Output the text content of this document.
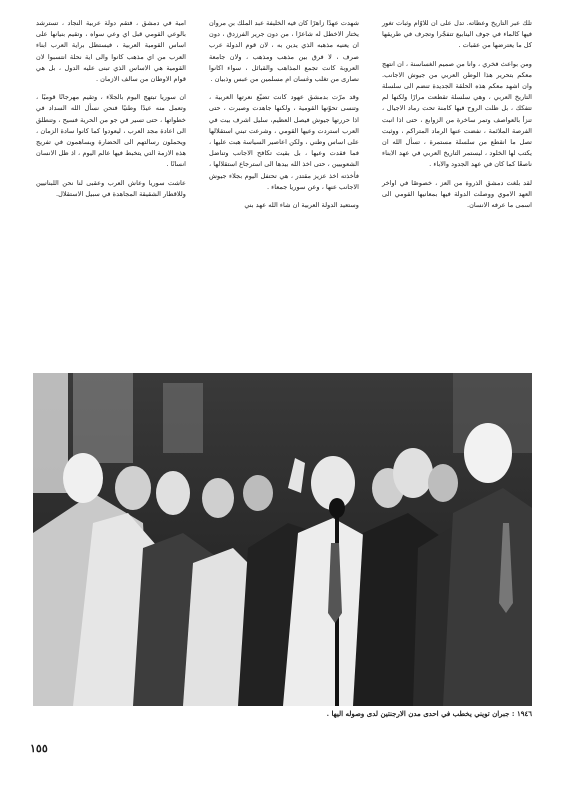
تلك عبر التاريخ وعظاته. تدل على ان للاوّام وثبات تغور فيها كالماء في جوف الينابيع تتفجّرا وتجرف في طريقها كل ما يعترضها من عقبات .

ومن بواعث فخري ، وانا من صميم الغساسنة ، ان انتهج معكم بتحرير هذا الوطن العربي من جيوش الاجانب. وان اشهد معكم هذه الحلقة الجديدة تنضم الى سلسلة التاريخ العربي ، وهي سلسلة تقطعت مرارًا ولكنها لم تتفكك ، بل ظلت الروح فيها كامنة تحت رماد الاجيال ، تنزأ بالعواصف وتمر ساخرة من الزوابع ، حتى اذا انبت الفرصة الملائمة ، نفضت عنها الرماد المتراكم ، ووثبت تصل ما انقطع من سلسلة مستمرة ، تسأل الله ان يكتب لها الخلود ، ليستمر التاريخ العربي في عهد الابناء ناصعًا كما كان في عهد الجدود والاباء .

لقد بلغت دمشق الذروة من العز ، خصوصًا في اواخر العهد الاموي ووصلت الدولة فيها بمعانيها القومي الى اسمى ما عرفه الانسان.

شهدت عهدًا زاهرًا كان فيه الخليفة عبد الملك بن مروان يختار الاخطل له شاعرًا ، من دون جرير الفرزدق ، دون ان يعنيه مذهبه الذي يدين به ، لان قوم الدولة عرب صرف ، لا فرق بين مذهب ومذهب ، ولان جامعة العروبة كانت تجمع المذاهب والقبائل ، سواء اكانوا نصارى من تغلب وغسان ام مسلمين من عبس وذبيان .

وقد مرّت بدمشق عهود كانت تضيّع نعرتها العربية ، وتنسى تحوّنها القومية ، ولكنها جاهدت وصبرت ، حتى اذا حررتها جيوش فيصل العظيم، سليل اشرف بيت في العرب استردت وعيها القومي ، وشرعت تبني استقلالها على اساس وطني ، ولكن اعاصير السياسة هبت عليها ، فما فقدت وعيها ، بل بقيت تكافح الاجانب وتناضل الشعوبيين ، حتى اخذ الله بيدها الى استرجاع استقلالها ، فأخذته اخذ عزيز مقتدر ، هي تحتفل اليوم بجلاء جيوش الاجانب عنها ، وعن سوريا جمعاء .

وستعيد الدولة العربية ان شاء الله عهد بني

امية في دمشق ، فتقم دولة عربية النجاد ، تسترشد بالوعي القومي قبل اي وعي سواه ، وتقيم بنيانها على اساس القومية العربية ، فيستظل براية العرب ابناء العرب من اي مذهب كانوا والى اية نحلة انتسبوا لان القومية هي الاساس الذي تبنى عليه الدول ، بل هي قوام الاوطان من سالف الازمان .

ان سوريا تبتهج اليوم بالجلاء ، وتقيم مهرجانًا قوميًا ، وتعمل منه عيدًا وطنيًا فنحن نسأل الله السداد في خطواتها ، حتى تسير في جو من الحرية فسيح ، وتنطلق الى اعادة مجد العرب ، ليعودوا كما كانوا سادة الزمان ، ويحملون رسالتهم الى الحضارة ويساهمون في تفريج هذه الازمة التي يتخبط فيها عالم اليوم ، اذ ظل الانسان انسانًا .

عاشت سوريا وعاش العرب وعقبى لنا نحن اللبنانيين وللاقطار الشقيقة المجاهدة في سبيل الاستقلال.

١٩٤٦ : جبران تويني يخطب في احدى مدن الارجنتين لدى وصوله اليها .
١٥٥
